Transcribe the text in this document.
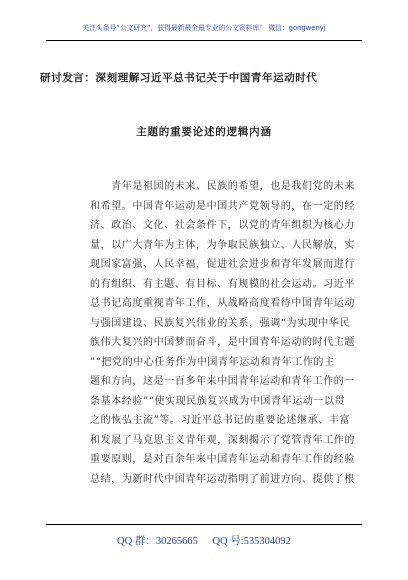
关注头条号“公文研究”，获得最新最全最专业的公文资料库！ 微信：gongwenyj
研讨发言：深刻理解习近平总书记关于中国青年运动时代
主题的重要论述的逻辑内涵
　　青年是祖国的未来、民族的希望，也是我们党的未来
和希望。中国青年运动是中国共产党领导的，在一定的经
济、政治、文化、社会条件下，以党的青年组织为核心力
量，以广大青年为主体，为争取民族独立、人民解放，实
现国家富强、人民幸福，促进社会进步和青年发展而进行
的有组织、有主题、有目标、有规模的社会运动。习近平
总书记高度重视青年工作，从战略高度看待中国青年运动
与强国建设、民族复兴伟业的关系，强调“为实现中华民
族伟大复兴的中国梦而奋斗，是中国青年运动的时代主题
”“把党的中心任务作为中国青年运动和青年工作的主
题和方向，这是一百多年来中国青年运动和青年工作的一
条基本经验”“使实现民族复兴成为中国青年运动一以贯
之的恢弘主流”等。习近平总书记的重要论述继承、丰富
和发展了马克思主义青年观，深刻揭示了党管青年工作的
重要原则，是对百余年来中国青年运动和青年工作的经验
总结，为新时代中国青年运动指明了前进方向、提供了根
QQ 群：30265665 QQ 号:535304092
